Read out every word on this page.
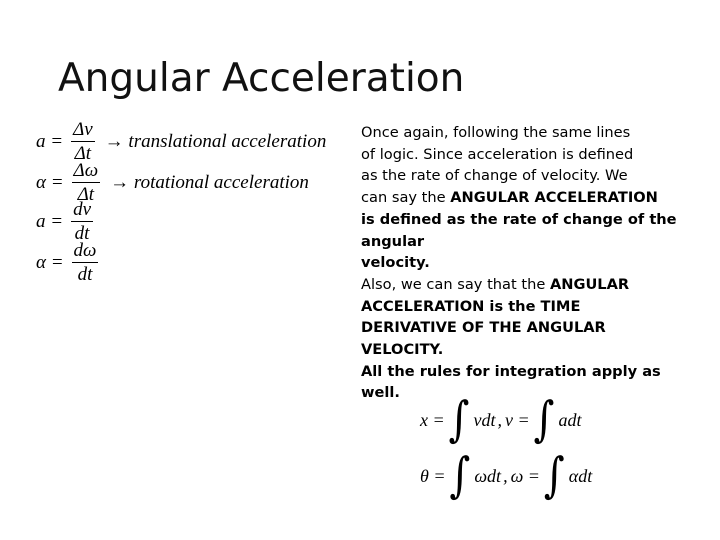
Angular Acceleration
$a = \frac{\Delta v}{\Delta t}$ → translational acceleration
$\alpha = \frac{\Delta\omega}{\Delta t}$ → rotational acceleration
$a = \frac{dv}{dt}$
$\alpha = \frac{d\omega}{dt}$
Once again, following the same lines
of logic. Since acceleration is defined
as the rate of change of velocity. We
can say the ANGULAR ACCELERATION
is defined as the rate of change of the
angular
velocity.
Also, we can say that the ANGULAR
ACCELERATION is the TIME
DERIVATIVE OF THE ANGULAR
VELOCITY.
All the rules for integration apply as
well.
x = ∫ vdt , v = ∫ adt
θ = ∫ ωdt , ω = ∫ αdt
